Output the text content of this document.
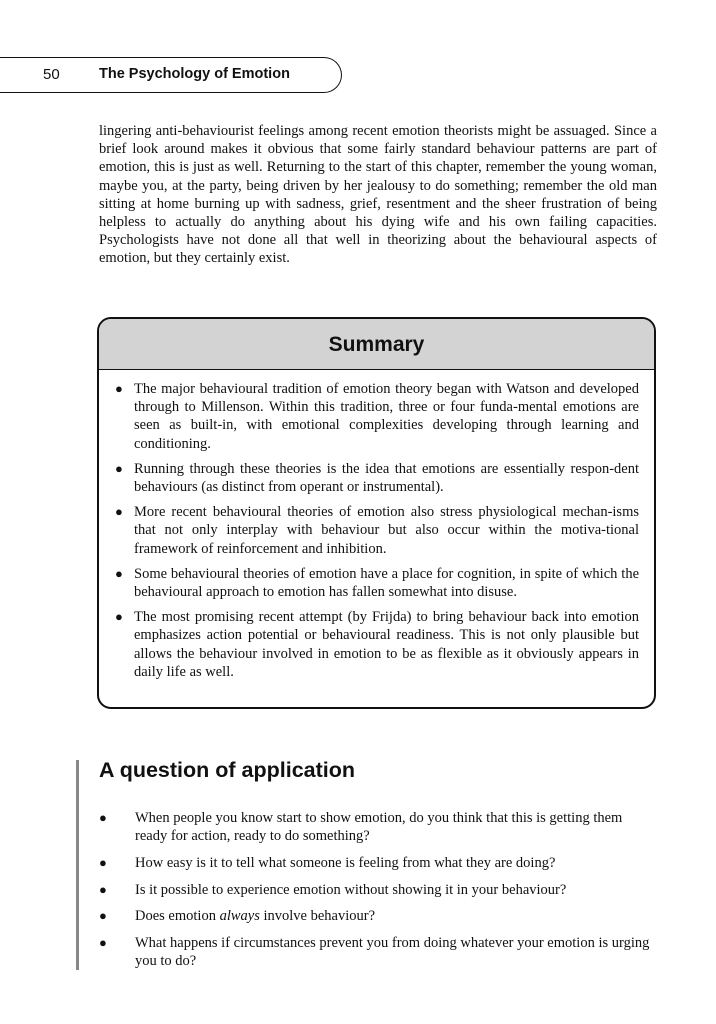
50	The Psychology of Emotion

lingering anti-behaviourist feelings among recent emotion theorists might be assuaged. Since a brief look around makes it obvious that some fairly standard behaviour patterns are part of emotion, this is just as well. Returning to the start of this chapter, remember the young woman, maybe you, at the party, being driven by her jealousy to do something; remember the old man sitting at home burning up with sadness, grief, resentment and the sheer frustration of being helpless to actually do anything about his dying wife and his own failing capacities. Psychologists have not done all that well in theorizing about the behavioural aspects of emotion, but they certainly exist.

Summary
● The major behavioural tradition of emotion theory began with Watson and developed through to Millenson. Within this tradition, three or four funda-mental emotions are seen as built-in, with emotional complexities developing through learning and conditioning.
● Running through these theories is the idea that emotions are essentially respon-dent behaviours (as distinct from operant or instrumental).
● More recent behavioural theories of emotion also stress physiological mechan-isms that not only interplay with behaviour but also occur within the motiva-tional framework of reinforcement and inhibition.
● Some behavioural theories of emotion have a place for cognition, in spite of which the behavioural approach to emotion has fallen somewhat into disuse.
● The most promising recent attempt (by Frijda) to bring behaviour back into emotion emphasizes action potential or behavioural readiness. This is not only plausible but allows the behaviour involved in emotion to be as flexible as it obviously appears in daily life as well.
A question of application
● When people you know start to show emotion, do you think that this is getting them ready for action, ready to do something?
● How easy is it to tell what someone is feeling from what they are doing?
● Is it possible to experience emotion without showing it in your behaviour?
● Does emotion always involve behaviour?
● What happens if circumstances prevent you from doing whatever your emotion is urging you to do?
